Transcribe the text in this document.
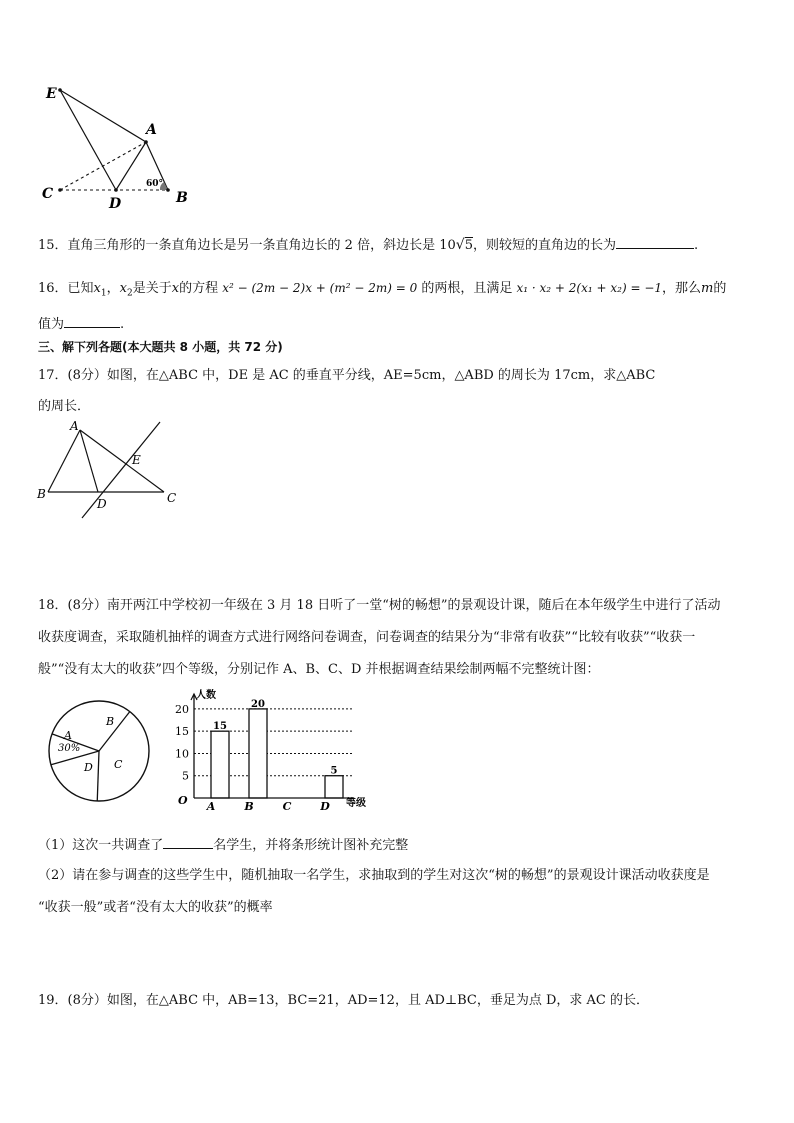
E
A
C
D	B
60°
15．直角三角形的一条直角边长是另一条直角边长的 2 倍，斜边长是 10√5，则较短的直角边的长为	.
16．已知$x_1$，$x_2$是关于x的方程 x² − (2m − 2)x + (m² − 2m) = 0 的两根，且满足 x₁ · x₂ + 2(x₁ + x₂) = −1，那么m的
值为	.
三、解下列各题(本大题共 8 小题，共 72 分)
17．(8分）如图，在△ABC 中，DE 是 AC 的垂直平分线，AE=5cm，△ABD 的周长为 17cm，求△ABC
的周长．
A
B	C
D
E
18．(8分）南开两江中学校初一年级在 3 月 18 日听了一堂“树的畅想”的景观设计课，随后在本年级学生中进行了活动
收获度调查，采取随机抽样的调查方式进行网络问卷调查，问卷调查的结果分为“非常有收获”“比较有收获”“收获一
般”“没有太大的收获”四个等级，分别记作 A、B、C、D 并根据调查结果绘制两幅不完整统计图：
A
30%
B
C
D
15
20
5
5
10
15
20
A	B	C	D
人数
等级
O
（1）这次一共调查了	名学生，并将条形统计图补充完整
（2）请在参与调查的这些学生中，随机抽取一名学生，求抽取到的学生对这次“树的畅想”的景观设计课活动收获度是
“收获一般”或者“没有太大的收获”的概率
19．(8分）如图，在△ABC 中，AB=13，BC=21，AD=12，且 AD⊥BC，垂足为点 D，求 AC 的长．
